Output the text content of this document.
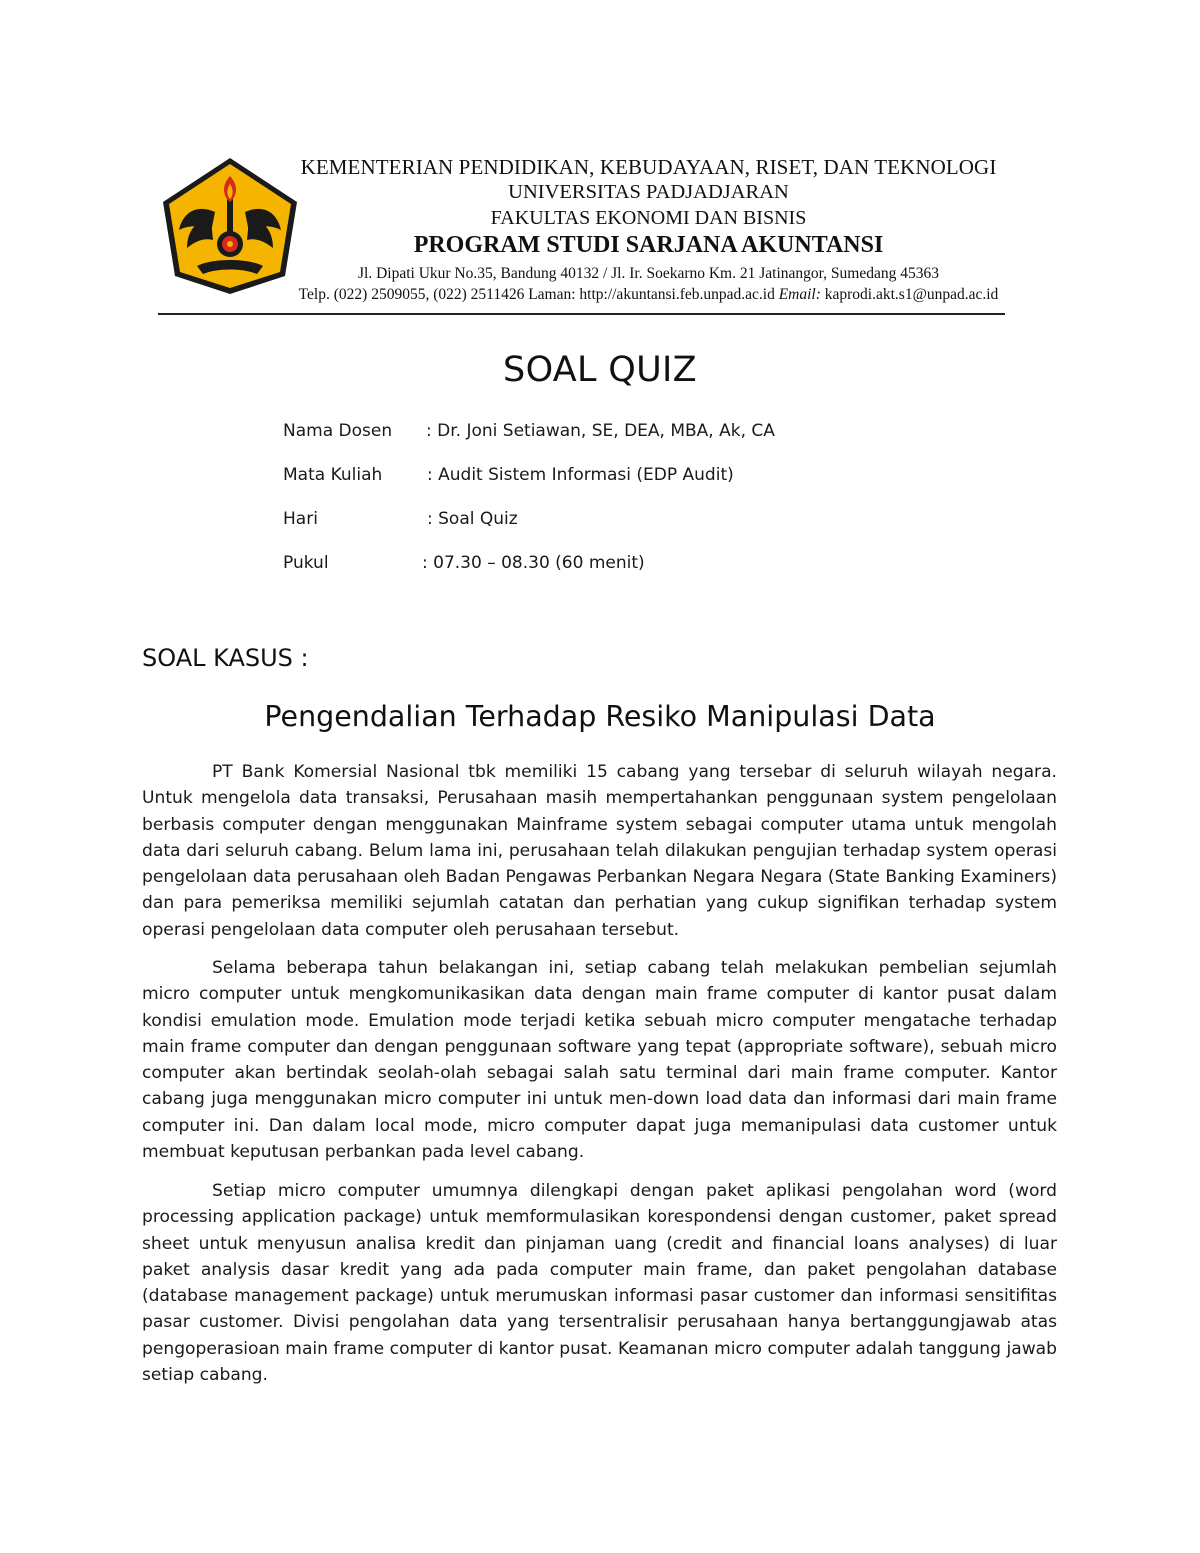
KEMENTERIAN PENDIDIKAN, KEBUDAYAAN, RISET, DAN TEKNOLOGI
UNIVERSITAS PADJADJARAN
FAKULTAS EKONOMI DAN BISNIS
PROGRAM STUDI SARJANA AKUNTANSI
Jl. Dipati Ukur No.35, Bandung 40132 / Jl. Ir. Soekarno Km. 21 Jatinangor, Sumedang 45363
Telp. (022) 2509055, (022) 2511426 Laman: http://akuntansi.feb.unpad.ac.id Email: kaprodi.akt.s1@unpad.ac.id
SOAL QUIZ
Nama Dosen : Dr. Joni Setiawan, SE, DEA, MBA, Ak, CA
Mata Kuliah	: Audit Sistem Informasi (EDP Audit)
Hari	: Soal Quiz
Pukul	: 07.30 – 08.30 (60 menit)
SOAL KASUS :
Pengendalian Terhadap Resiko Manipulasi Data

PT Bank Komersial Nasional tbk memiliki 15 cabang yang tersebar di seluruh wilayah negara. Untuk mengelola data transaksi, Perusahaan masih mempertahankan penggunaan system pengelolaan berbasis computer dengan menggunakan Mainframe system sebagai computer utama untuk mengolah data dari seluruh cabang. Belum lama ini, perusahaan telah dilakukan pengujian terhadap system operasi pengelolaan data perusahaan oleh Badan Pengawas Perbankan Negara Negara (State Banking Examiners) dan para pemeriksa memiliki sejumlah catatan dan perhatian yang cukup signifikan terhadap system operasi pengelolaan data computer oleh perusahaan tersebut.

Selama beberapa tahun belakangan ini, setiap cabang telah melakukan pembelian sejumlah micro computer untuk mengkomunikasikan data dengan main frame computer di kantor pusat dalam kondisi emulation mode. Emulation mode terjadi ketika sebuah micro computer mengatache terhadap main frame computer dan dengan penggunaan software yang tepat (appropriate software), sebuah micro computer akan bertindak seolah-olah sebagai salah satu terminal dari main frame computer. Kantor cabang juga menggunakan micro computer ini untuk men-down load data dan informasi dari main frame computer ini. Dan dalam local mode, micro computer dapat juga memanipulasi data customer untuk membuat keputusan perbankan pada level cabang.

Setiap micro computer umumnya dilengkapi dengan paket aplikasi pengolahan word (word processing application package) untuk memformulasikan korespondensi dengan customer, paket spread sheet untuk menyusun analisa kredit dan pinjaman uang (credit and financial loans analyses) di luar paket analysis dasar kredit yang ada pada computer main frame, dan paket pengolahan database (database management package) untuk merumuskan informasi pasar customer dan informasi sensitifitas pasar customer. Divisi pengolahan data yang tersentralisir perusahaan hanya bertanggungjawab atas pengoperasioan main frame computer di kantor pusat. Keamanan micro computer adalah tanggung jawab setiap cabang.
